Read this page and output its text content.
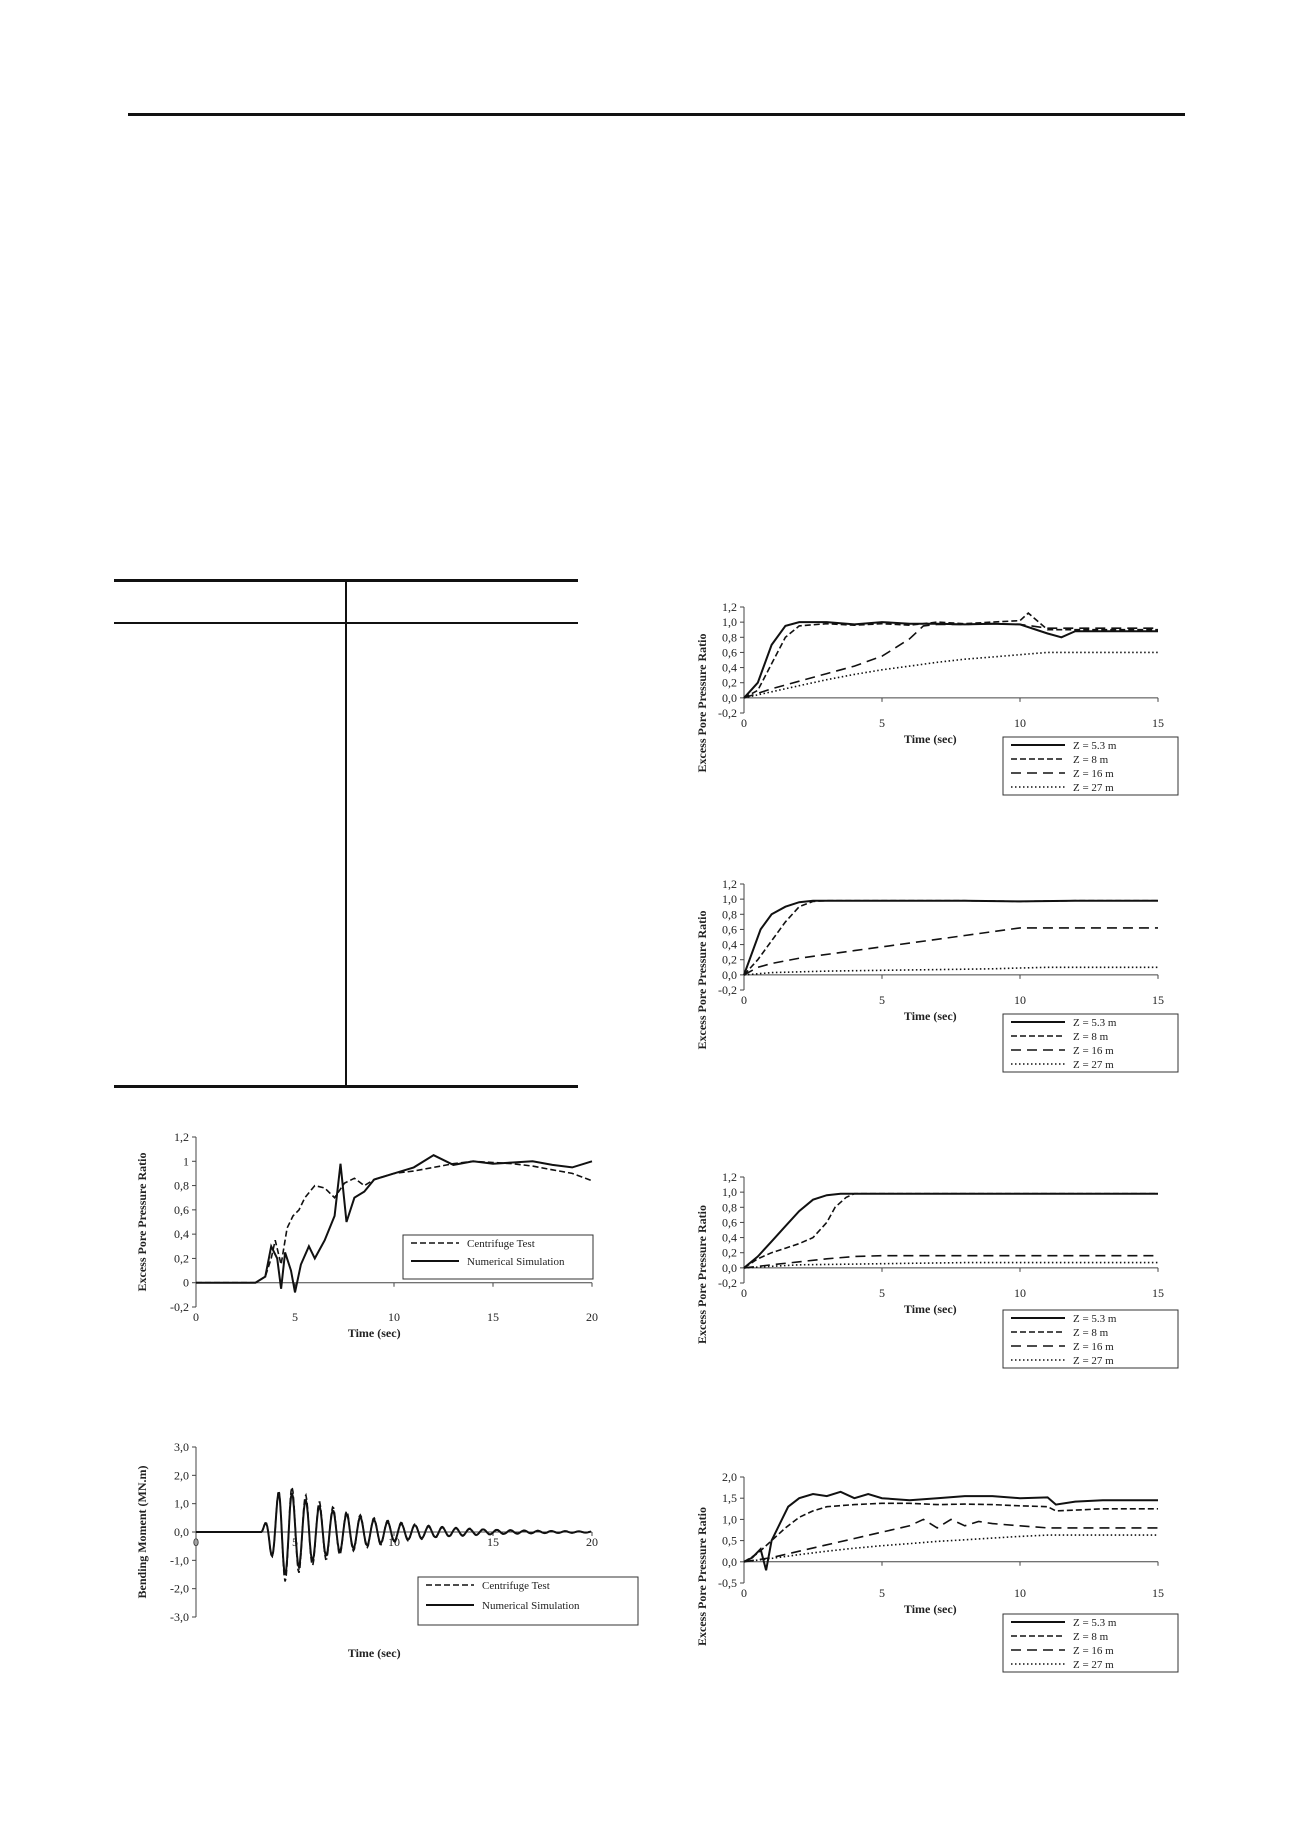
1,2
1
0,8
0,6
0,4
0,2
0
-0,2
0	5	10	15	20
Time (sec)
Excess Pore Pressure Ratio	Centrifuge Test
Numerical Simulation
3,0
2,0
1,0
0,0
-1,0
-2,0
-3,0
0	5	10	15	20
Time (sec)
Bending Moment (MN.m)	Centrifuge Test
Numerical Simulation
1,2
1,0
0,8
0,6
0,4
0,2
0,0
-0,2
0	5	10	15
Time (sec)
Excess Pore Pressure Ratio	Z = 5.3 m
Z = 8 m
Z = 16 m
Z = 27 m
1,2
1,0
0,8
0,6
0,4
0,2
0,0
-0,2
0	5	10	15
Time (sec)
Excess Pore Pressure Ratio	Z = 5.3 m
Z = 8 m
Z = 16 m
Z = 27 m
1,2
1,0
0,8
0,6
0,4
0,2
0,0
-0,2
0	5	10	15
Time (sec)
Excess Pore Pressure Ratio	Z = 5.3 m
Z = 8 m
Z = 16 m
Z = 27 m
2,0
1,5
1,0
0,5
0,0
-0,5
0	5	10	15
Time (sec)
Excess Pore Pressure Ratio	Z = 5.3 m
Z = 8 m
Z = 16 m
Z = 27 m
